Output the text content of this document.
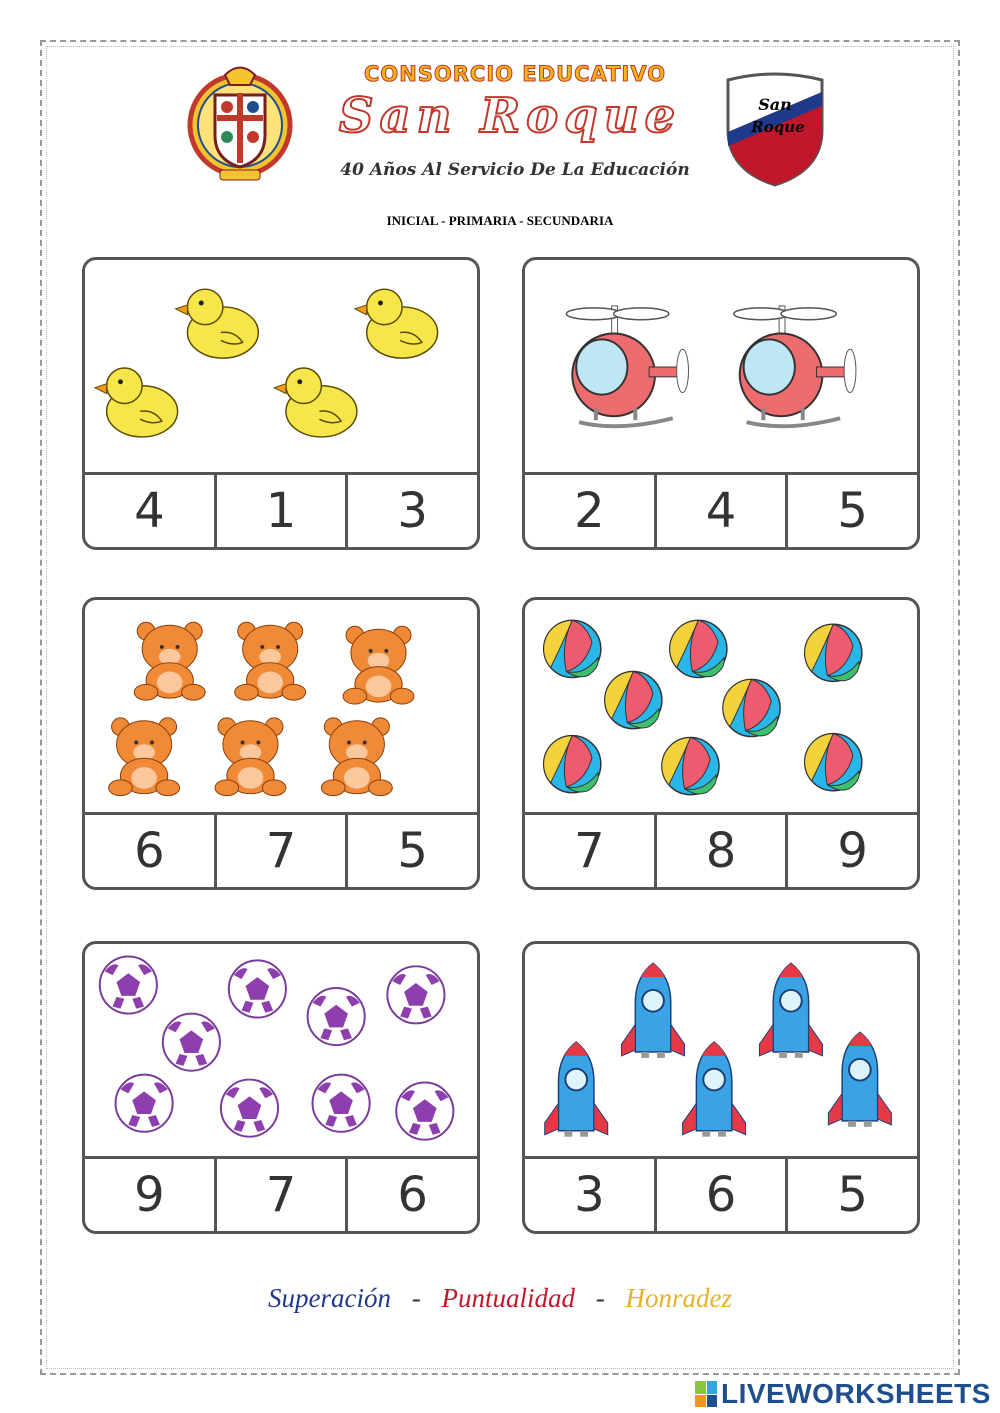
CONSORCIO EDUCATIVO
San Roque
40 Años Al Servicio De La Educación
San
Roque
INICIAL - PRIMARIA - SECUNDARIA
4	1	3	2	4	5
6	7	5	7	8	9
9	7	6	3	6	5
Superación - Puntualidad - Honradez
LIVEWORKSHEETS
